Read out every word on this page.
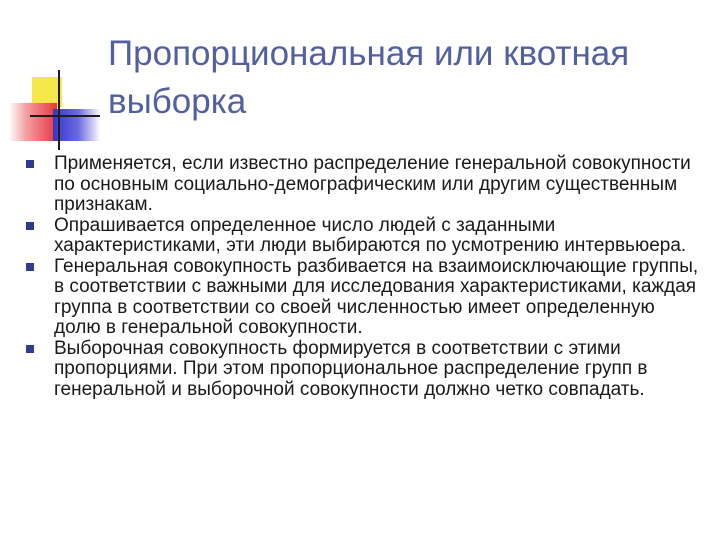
Пропорциональная или квотная выборка
Применяется, если известно распределение генеральной совокупности по основным социально-демографическим или другим существенным признакам.
Опрашивается определенное число людей с заданными характеристиками, эти люди выбираются по усмотрению интервьюера.
Генеральная совокупность разбивается на взаимоисключающие группы, в соответствии с важными для исследования характеристиками, каждая группа в соответствии со своей численностью имеет определенную долю в генеральной совокупности.
Выборочная совокупность формируется в соответствии с этими пропорциями. При этом пропорциональное распределение групп в генеральной и выборочной совокупности должно четко совпадать.
